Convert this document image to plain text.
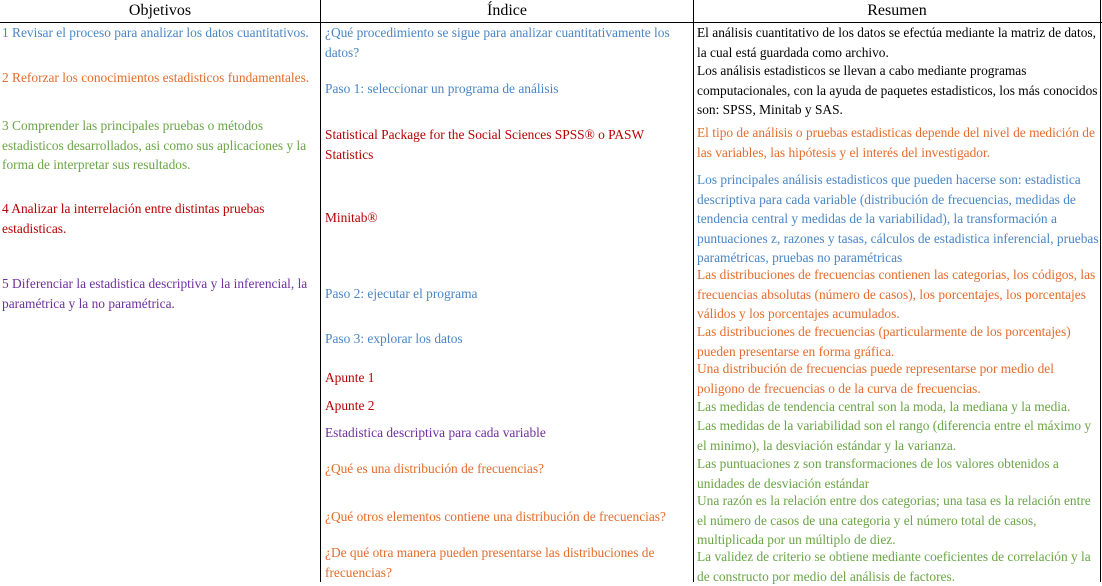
Objetivos	Índice	Resumen
1 Revisar el proceso para analizar los datos cuantitativos.
2 Reforzar los conocimientos estadisticos fundamentales.
3 Comprender las principales pruebas o métodos estadisticos desarrollados, asi como sus aplicaciones y la forma de interpretar sus resultados.
4 Analizar la interrelación entre distintas pruebas estadisticas.
5 Diferenciar la estadistica descriptiva y la inferencial, la paramétrica y la no paramétrica.
¿Qué procedimiento se sigue para analizar cuantitativamente los datos?
Paso 1: seleccionar un programa de análisis
Statistical Package for the Social Sciences SPSS® o PASW Statistics
Minitab®
Paso 2: ejecutar el programa
Paso 3: explorar los datos
Apunte 1
Apunte 2
Estadistica descriptiva para cada variable
¿Qué es una distribución de frecuencias?
¿Qué otros elementos contiene una distribución de frecuencias?
¿De qué otra manera pueden presentarse las distribuciones de frecuencias?
El análisis cuantitativo de los datos se efectúa mediante la matriz de datos, la cual está guardada como archivo.
Los análisis estadisticos se llevan a cabo mediante programas computacionales, con la ayuda de paquetes estadisticos, los más conocidos son: SPSS, Minitab y SAS.
El tipo de análisis o pruebas estadisticas depende del nivel de medición de las variables, las hipótesis y el interés del investigador.
Los principales análisis estadisticos que pueden hacerse son: estadistica descriptiva para cada variable (distribución de frecuencias, medidas de tendencia central y medidas de la variabilidad), la transformación a puntuaciones z, razones y tasas, cálculos de estadistica inferencial, pruebas paramétricas, pruebas no paramétricas
Las distribuciones de frecuencias contienen las categorias, los códigos, las frecuencias absolutas (número de casos), los porcentajes, los porcentajes válidos y los porcentajes acumulados.
Las distribuciones de frecuencias (particularmente de los porcentajes) pueden presentarse en forma gráfica.
Una distribución de frecuencias puede representarse por medio del poligono de frecuencias o de la curva de frecuencias.
Las medidas de tendencia central son la moda, la mediana y la media.
Las medidas de la variabilidad son el rango (diferencia entre el máximo y el minimo), la desviación estándar y la varianza.
Las puntuaciones z son transformaciones de los valores obtenidos a unidades de desviación estándar
Una razón es la relación entre dos categorias; una tasa es la relación entre el número de casos de una categoria y el número total de casos, multiplicada por un múltiplo de diez.
La validez de criterio se obtiene mediante coeficientes de correlación y la de constructo por medio del análisis de factores.
